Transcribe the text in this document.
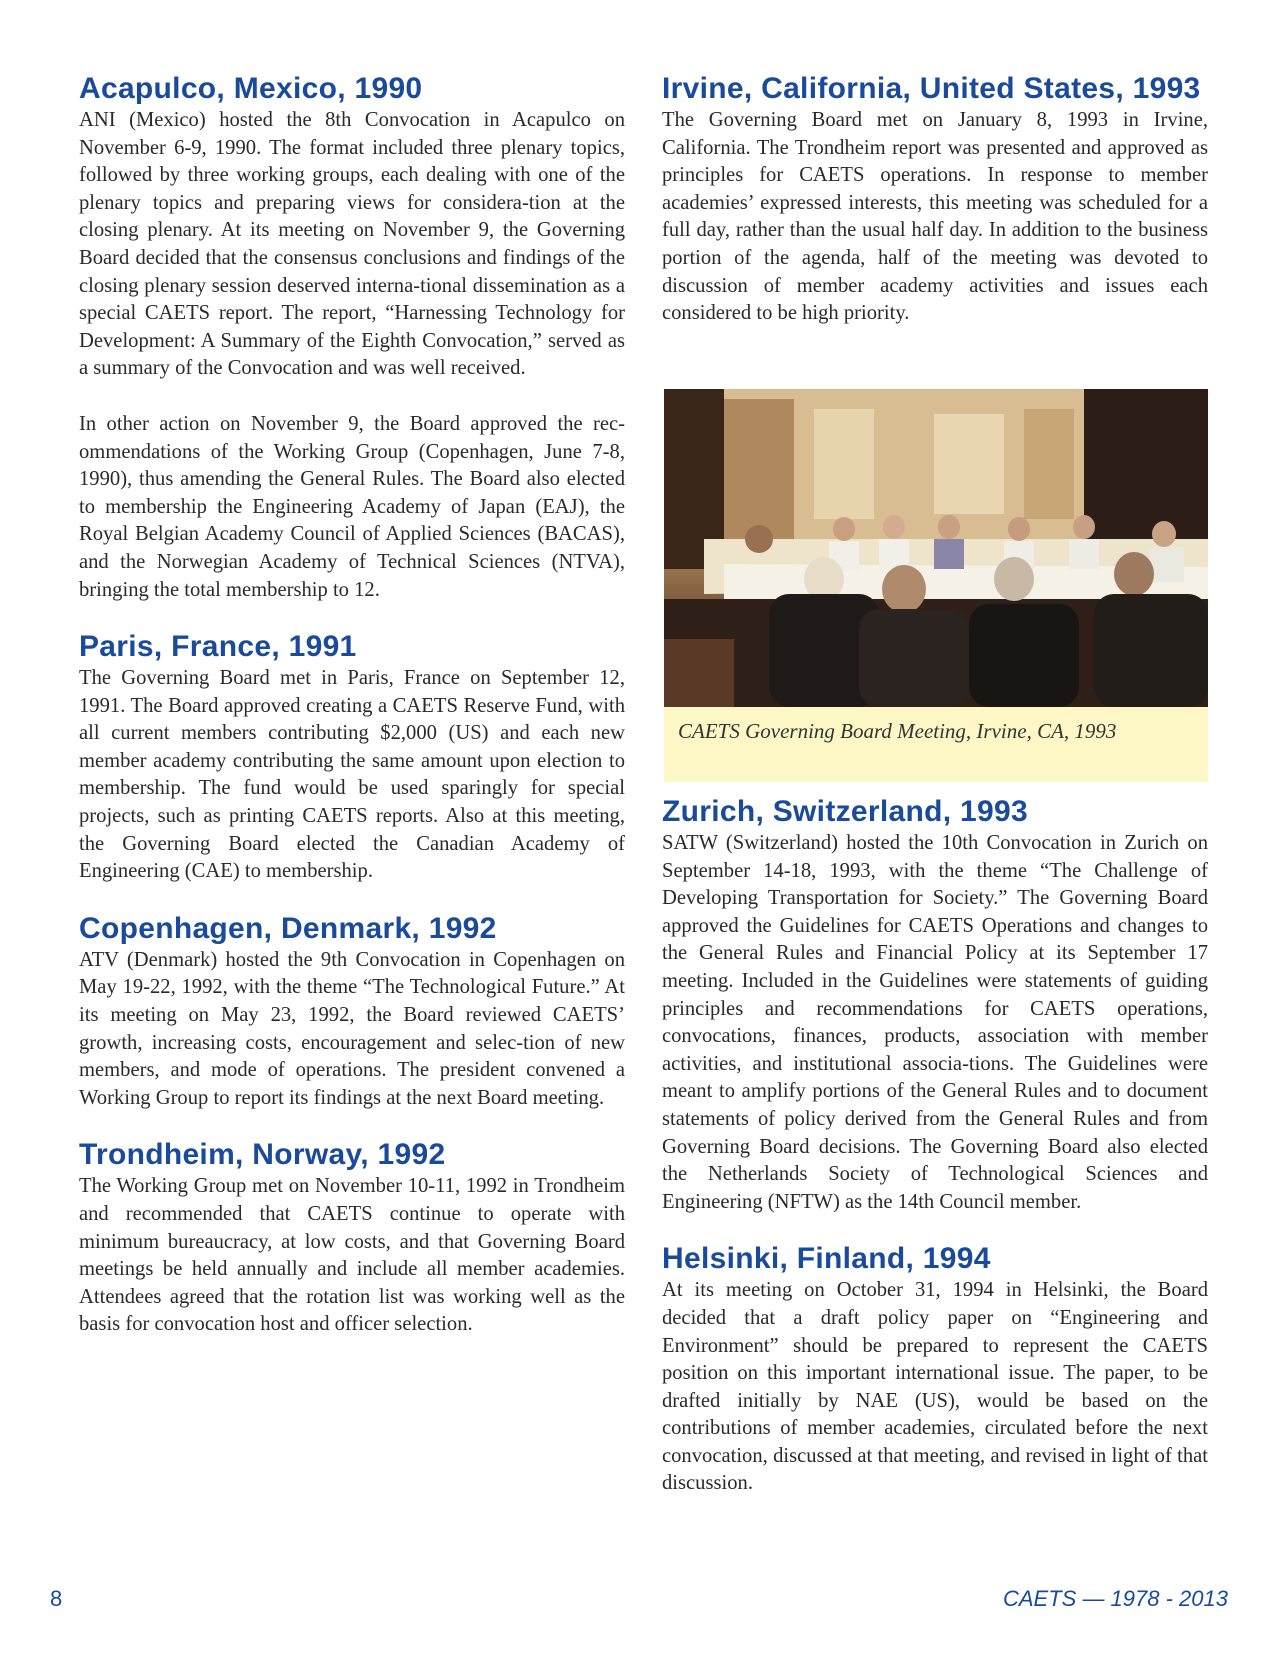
Acapulco, Mexico, 1990

ANI (Mexico) hosted the 8th Convocation in Acapulco on November 6-9, 1990. The format included three plenary topics, followed by three working groups, each dealing with one of the plenary topics and preparing views for considera-tion at the closing plenary. At its meeting on November 9, the Governing Board decided that the consensus conclusions and findings of the closing plenary session deserved interna-tional dissemination as a special CAETS report. The report, “Harnessing Technology for Development: A Summary of the Eighth Convocation,” served as a summary of the Convocation and was well received.

In other action on November 9, the Board approved the rec-ommendations of the Working Group (Copenhagen, June 7-8, 1990), thus amending the General Rules. The Board also elected to membership the Engineering Academy of Japan (EAJ), the Royal Belgian Academy Council of Applied Sciences (BACAS), and the Norwegian Academy of Technical Sciences (NTVA), bringing the total membership to 12.

Paris, France, 1991

The Governing Board met in Paris, France on September 12, 1991. The Board approved creating a CAETS Reserve Fund, with all current members contributing $2,000 (US) and each new member academy contributing the same amount upon election to membership. The fund would be used sparingly for special projects, such as printing CAETS reports. Also at this meeting, the Governing Board elected the Canadian Academy of Engineering (CAE) to membership.

Copenhagen, Denmark, 1992

ATV (Denmark) hosted the 9th Convocation in Copenhagen on May 19-22, 1992, with the theme “The Technological Future.” At its meeting on May 23, 1992, the Board reviewed CAETS’ growth, increasing costs, encouragement and selec-tion of new members, and mode of operations. The president convened a Working Group to report its findings at the next Board meeting.

Trondheim, Norway, 1992

The Working Group met on November 10-11, 1992 in Trondheim and recommended that CAETS continue to operate with minimum bureaucracy, at low costs, and that Governing Board meetings be held annually and include all member academies. Attendees agreed that the rotation list was working well as the basis for convocation host and officer selection.

Irvine, California, United States, 1993

The Governing Board met on January 8, 1993 in Irvine, California. The Trondheim report was presented and approved as principles for CAETS operations. In response to member academies’ expressed interests, this meeting was scheduled for a full day, rather than the usual half day. In addition to the business portion of the agenda, half of the meeting was devoted to discussion of member academy activities and issues each considered to be high priority.

CAETS Governing Board Meeting, Irvine, CA, 1993
Zurich, Switzerland, 1993

SATW (Switzerland) hosted the 10th Convocation in Zurich on September 14-18, 1993, with the theme “The Challenge of Developing Transportation for Society.” The Governing Board approved the Guidelines for CAETS Operations and changes to the General Rules and Financial Policy at its September 17 meeting. Included in the Guidelines were statements of guiding principles and recommendations for CAETS operations, convocations, finances, products, association with member activities, and institutional associa-tions. The Guidelines were meant to amplify portions of the General Rules and to document statements of policy derived from the General Rules and from Governing Board decisions. The Governing Board also elected the Netherlands Society of Technological Sciences and Engineering (NFTW) as the 14th Council member.

Helsinki, Finland, 1994

At its meeting on October 31, 1994 in Helsinki, the Board decided that a draft policy paper on “Engineering and Environment” should be prepared to represent the CAETS position on this important international issue. The paper, to be drafted initially by NAE (US), would be based on the contributions of member academies, circulated before the next convocation, discussed at that meeting, and revised in light of that discussion.

8	CAETS — 1978 - 2013
